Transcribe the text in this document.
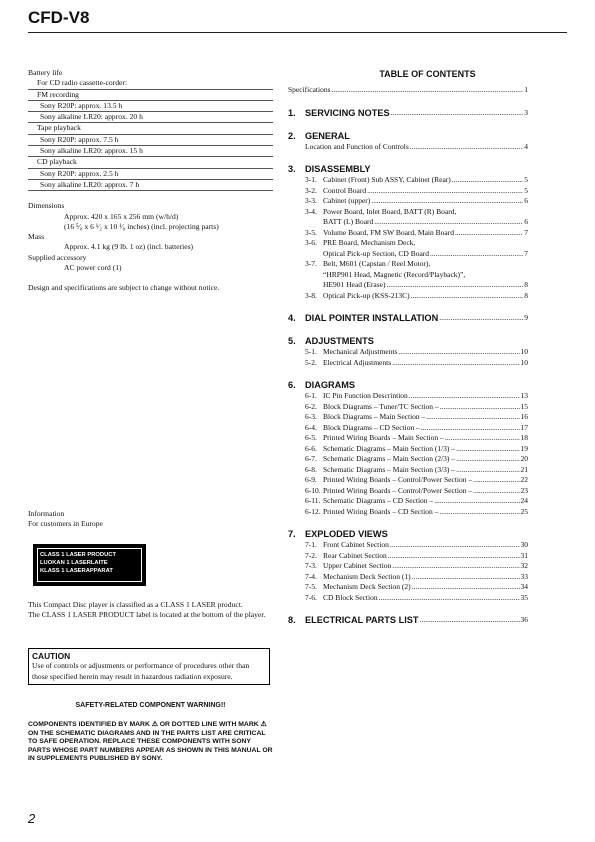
CFD-V8
Battery life
For CD radio cassette-corder:
FM recording
Sony R20P: approx. 13.5 h
Sony alkaline LR20: approx. 20 h
Tape playback
Sony R20P: approx. 7.5 h
Sony alkaline LR20: approx. 15 h
CD playback
Sony R20P: approx. 2.5 h
Sony alkaline LR20: approx. 7 h
Dimensions
Approx. 420 x 165 x 256 mm (w/h/d)
(16 ⁵⁄₈ x 6 ¹⁄₂ x 10 ¹⁄₈ inches) (incl. projecting parts)
Mass
Approx. 4.1 kg (9 lb. 1 oz) (incl. batteries)
Supplied accessory
AC power cord (1)
Design and specifications are subject to change without notice.
Information
For customers in Europe
CLASS 1 LASER PRODUCT
LUOKAN 1 LASERLAITE
KLASS 1 LASERAPPARAT
This Compact Disc player is classified as a CLASS 1 LASER product.
The CLASS 1 LASER PRODUCT label is located at the bottom of the player.
CAUTION
Use of controls or adjustments or performance of procedures other than those specified herein may result in hazardous radiation exposure.
SAFETY-RELATED COMPONENT WARNING!!
COMPONENTS IDENTIFIED BY MARK ⚠ OR DOTTED LINE WITH MARK ⚠ ON THE SCHEMATIC DIAGRAMS AND IN THE PARTS LIST ARE CRITICAL TO SAFE OPERATION. REPLACE THESE COMPONENTS WITH SONY PARTS WHOSE PART NUMBERS APPEAR AS SHOWN IN THIS MANUAL OR IN SUPPLEMENTS PUBLISHED BY SONY.
2
TABLE OF CONTENTS
Specifications .....	1
1.	SERVICING NOTES .....	3
2.	GENERAL
Location and Function of Controls .....	4
3.	DISASSEMBLY
3-1. Cabinet (Front) Sub ASSY, Cabinet (Rear) .....	5
3-2. Control Board .....	5
3-3. Cabinet (upper) .....	6
3-4. Power Board, Inlet Board, BATT (R) Board,
BATT (L) Board .....	6
3-5. Volume Board, FM SW Board, Main Board .....	7
3-6. PRE Board, Mechanism Deck,
Optical Pick-up Section, CD Board .....	7
3-7. Belt, M601 (Capstan / Reel Motor),
“HRP901 Head, Magnetic (Record/Playback)”,
HE901 Head (Erase) .....	8
3-8. Optical Pick-up (KSS-213C) .....	8
4.	DIAL POINTER INSTALLATION .....	9
5.	ADJUSTMENTS
5-1. Mechanical Adjustments .....	10
5-2. Electrical Adjustments .....	10
6.	DIAGRAMS
6-1. IC Pin Function Descrintion .....	13
6-2. Block Diagrams – Tuner/TC Section – .....	15
6-3. Block Diagrams – Main Section – .....	16
6-4. Block Diagrams – CD Section – .....	17
6-5. Printed Wiring Boards – Main Section – .....	18
6-6. Schematic Diagrams – Main Section (1/3) – .....	19
6-7. Schematic Diagrams – Main Section (2/3) – .....	20
6-8. Schematic Diagrams – Main Section (3/3) – .....	21
6-9. Printed Wiring Boards – Control/Power Section – .....	22
6-10. Printed Wiring Boards – Control/Power Section – .....	23
6-11. Schematic Diagrams – CD Section – .....	24
6-12. Printed Wiring Boards – CD Section – .....	25
7.	EXPLODED VIEWS
7-1. Front Cabinet Section .....	30
7-2. Rear Cabinet Section .....	31
7-3. Upper Cabinet Section .....	32
7-4. Mechanism Deck Section (1) .....	33
7-5. Mechanism Deck Section (2) .....	34
7-6. CD Block Section .....	35
8.	ELECTRICAL PARTS LIST .....	36
